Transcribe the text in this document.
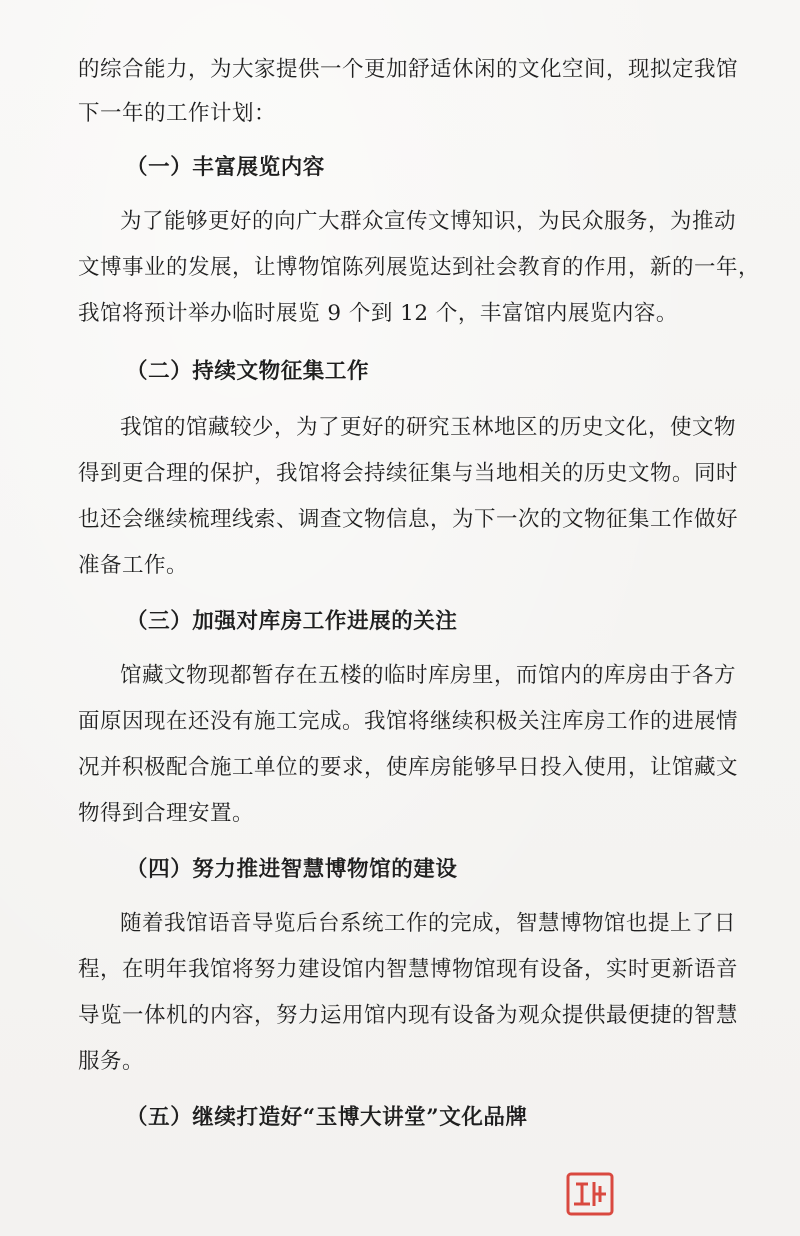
的综合能力，为大家提供一个更加舒适休闲的文化空间，现拟定我馆
下一年的工作计划：
（一）丰富展览内容
为了能够更好的向广大群众宣传文博知识，为民众服务，为推动
文博事业的发展，让博物馆陈列展览达到社会教育的作用，新的一年，
我馆将预计举办临时展览 9 个到 12 个，丰富馆内展览内容。
（二）持续文物征集工作
我馆的馆藏较少，为了更好的研究玉林地区的历史文化，使文物
得到更合理的保护，我馆将会持续征集与当地相关的历史文物。同时
也还会继续梳理线索、调查文物信息，为下一次的文物征集工作做好
准备工作。
（三）加强对库房工作进展的关注
馆藏文物现都暂存在五楼的临时库房里，而馆内的库房由于各方
面原因现在还没有施工完成。我馆将继续积极关注库房工作的进展情
况并积极配合施工单位的要求，使库房能够早日投入使用，让馆藏文
物得到合理安置。
（四）努力推进智慧博物馆的建设
随着我馆语音导览后台系统工作的完成，智慧博物馆也提上了日
程，在明年我馆将努力建设馆内智慧博物馆现有设备，实时更新语音
导览一体机的内容，努力运用馆内现有设备为观众提供最便捷的智慧
服务。
（五）继续打造好“玉博大讲堂”文化品牌
